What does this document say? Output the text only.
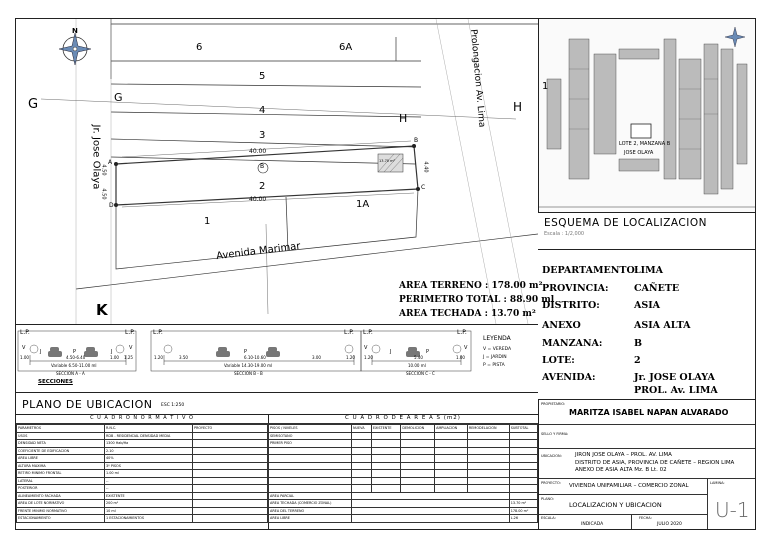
N
6	6A
5
4
3
2
1
1A
B
40.00
40.00
4.50
4.50
4.40
13.70 m²
A
B
C
D
G	G
H
H
K
Jr. Jose Olaya
Prolongacion Av. Lima
Avenida Marimar
AREA TERRENO : 178.00 m²
PERIMETRO TOTAL : 88.90 ml
AREA TECHADA : 13.70 m²
LOTE 2, MANZANA B
JOSE OLAYA
1
ESQUEMA DE LOCALIZACION
Escala : 1/2,000
DEPARTAMENTO:
LIMA
PROVINCIA:	CAÑETE
DISTRITO:	ASIA
ANEXO	ASIA ALTA
MANZANA:	B
LOTE:	2
AVENIDA:	Jr. JOSE OLAYA
PROL. Av. LIMA
L.P.	L.P.	L.P.	L.P. L.P.	L.P.
V
J	P	J
V
P
V
J	P
V
1.00	4.50-6.40	1.00 1.25
Variable 6.50-11.00 ml
SECCION A - A
1.20	3.50	6.10-10.60	3.00	1.20
Variable 14.30-19.00 ml
SECCION B - B
1.20	5.40	1.00
10.00 ml
SECCION C - C
SECCIONES
LEYENDA
V = VEREDA
J = JARDIN
P = PISTA
PLANO DE UBICACION ESC 1:250
C U A D R O N O R M A T I V O
PARAMETROS	R.N.C.	PROYECTO
USOS	RDB - RESIDENCIAL DENSIDAD MEDIA	
DENSIDAD NETA	1300 Hab/Ha	
COEFICIENTE DE EDIFICACION	2.10	
AREA LIBRE	40%	
ALTURA MAXIMA	3º PISOS	
RETIRO MINIMO FRONTAL	1.00 ml	
LATERAL	--	
POSTERIOR	--	
ALINEAMIENTO FACHADA	EXISTENTE	
AREA DE LOTE NORMATIVO	200 m²	
FRENTE MINIMO NORMATIVO	10 ml	
ESTACIONAMIENTO	1 ESTACIONAMIENTOS	
C U A D R O D E A R E A S (m2)
PISOS / NIVELES	NUEVA	EXISTENTE	DEMOLICION	AMPLIACION	REMODELACION	SUBTOTAL
SEMISOTANO						
PRIMER PISO						

AREA PARCIAL						
AREA TECHADA (COMERCIO ZONAL)						13.70 m²
AREA DEL TERRENO						178.00 m²
AREA LIBRE						L.26
PROPIETARIO:
MARITZA ISABEL NAPAN ALVARADO
SELLO Y FIRMA:
UBICACION: JIRON JOSE OLAYA – PROL. AV. LIMA
DISTRITO DE ASIA, PROVINCIA DE CAÑETE – REGION LIMA
ANEXO DE ASIA ALTA Mz. B Lt. 02
PROYECTO: VIVIENDA UNIFAMILIAR – COMERCIO ZONAL
PLANO:
LOCALIZACION Y UBICACION
ESCALA:
INDICADA
FECHA:
JULIO 2020
LAMINA:
U-1
